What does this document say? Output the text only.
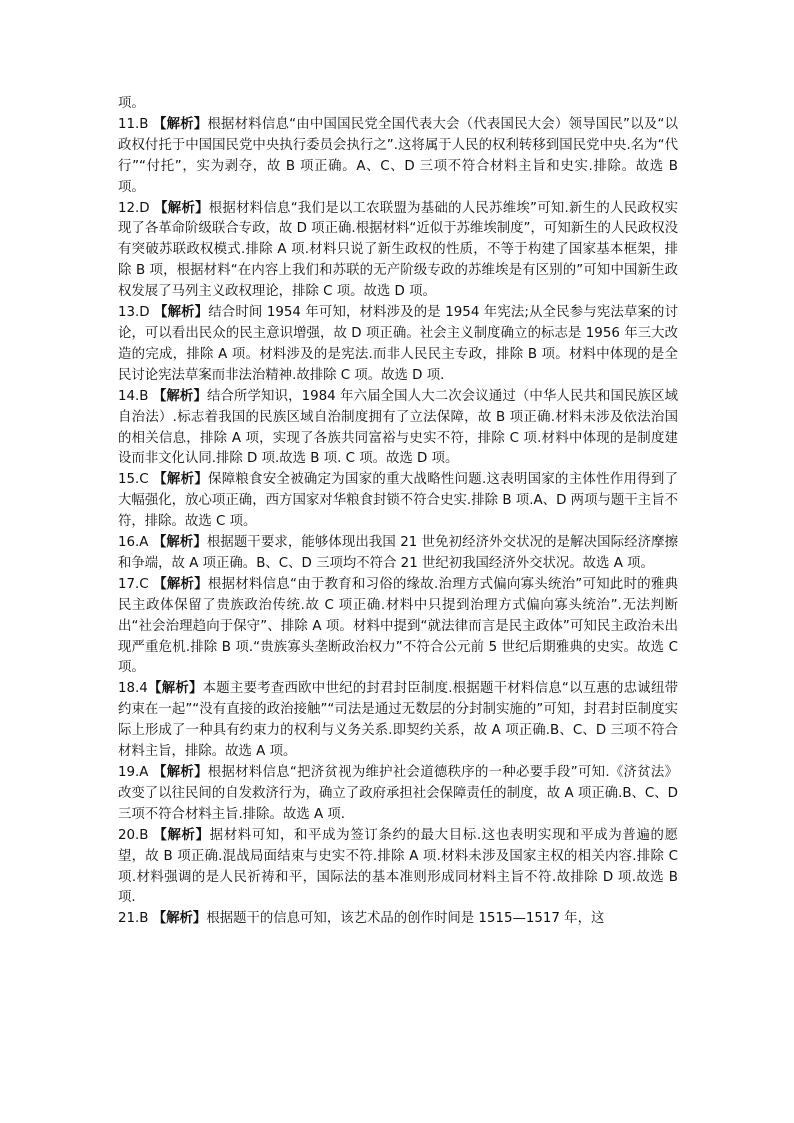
项。

11.B 【解析】根据材料信息“由中国国民党全国代表大会（代表国民大会）领导国民”以及“以政权付托于中国国民党中央执行委员会执行之”.这将属于人民的权利转移到国民党中央.名为“代行”“付托”，实为剥夺，故 B 项正确。A、C、D 三项不符合材料主旨和史实.排除。故选 B 项。

12.D 【解析】根据材料信息“我们是以工农联盟为基础的人民苏维埃”可知.新生的人民政权实现了各革命阶级联合专政，故 D 项正确.根据材料“近似于苏维埃制度”，可知新生的人民政权没有突破苏联政权模式.排除 A 项.材料只说了新生政权的性质，不等于构建了国家基本框架，排除 B 项，根据材料“在内容上我们和苏联的无产阶级专政的苏维埃是有区别的”可知中国新生政权发展了马列主义政权理论，排除 C 项。故选 D 项。

13.D 【解析】结合时间 1954 年可知，材料涉及的是 1954 年宪法;从全民参与宪法草案的讨论，可以看出民众的民主意识增强，故 D 项正确。社会主义制度确立的标志是 1956 年三大改造的完成，排除 A 项。材料涉及的是宪法.而非人民民主专政，排除 B 项。材料中体现的是全民讨论宪法草案而非法治精神.故排除 C 项。故选 D 项.

14.B 【解析】结合所学知识，1984 年六届全国人大二次会议通过（中华人民共和国民族区域自治法）.标志着我国的民族区域自治制度拥有了立法保障，故 B 项正确.材料未涉及依法治国的相关信息，排除 A 项，实现了各族共同富裕与史实不符，排除 C 项.材料中体现的是制度建设而非文化认同.排除 D 项.故选 B 项. C 项。故选 D 项。

15.C 【解析】保障粮食安全被确定为国家的重大战略性问题.这表明国家的主体性作用得到了大幅强化，放心项正确，西方国家对华粮食封锁不符合史实.排除 B 项.A、D 两项与题干主旨不符，排除。故选 C 项。

16.A 【解析】根据题干要求，能够体现出我国 21 世免初经济外交状况的是解决国际经济摩擦和争端，故 A 项正确。B、C、D 三项均不符合 21 世纪初我国经济外交状况。故选 A 项。

17.C 【解析】根据材料信息“由于教育和习俗的缘故.治理方式偏向寡头统治”可知此时的雅典民主政体保留了贵族政治传统.故 C 项正确.材料中只提到治理方式偏向寡头统治”.无法判断出“社会治理趋向于保守”、排除 A 项。材料中提到“就法律而言是民主政体”可知民主政治未出现严重危机.排除 B 项.“贵族寡头垄断政治权力”不符合公元前 5 世纪后期雅典的史实。故选 C 项。

18.4【解析】本题主要考查西欧中世纪的封君封臣制度.根据题干材料信息“以互惠的忠诚纽带约束在一起”“没有直接的政治接触”“司法是通过无数层的分封制实施的”可知，封君封臣制度实际上形成了一种具有约束力的权利与义务关系.即契约关系，故 A 项正确.B、C、D 三项不符合材料主旨，排除。故选 A 项。

19.A 【解析】根据材料信息“把济贫视为维护社会道德秩序的一种必要手段”可知.《济贫法》改变了以往民间的自发救济行为，确立了政府承担社会保障责任的制度，故 A 项正确.B、C、D 三项不符合材料主旨.排除。故选 A 项.

20.B 【解析】据材料可知，和平成为签订条约的最大目标.这也表明实现和平成为普遍的愿望，故 B 项正确.混战局面结束与史实不符.排除 A 项.材料未涉及国家主权的相关内容.排除 C 项.材料强调的是人民祈祷和平，国际法的基本准则形成同材料主旨不符.故排除 D 项.故选 B 项.

21.B 【解析】根据题干的信息可知，该艺术品的创作时间是 1515—1517 年，这
